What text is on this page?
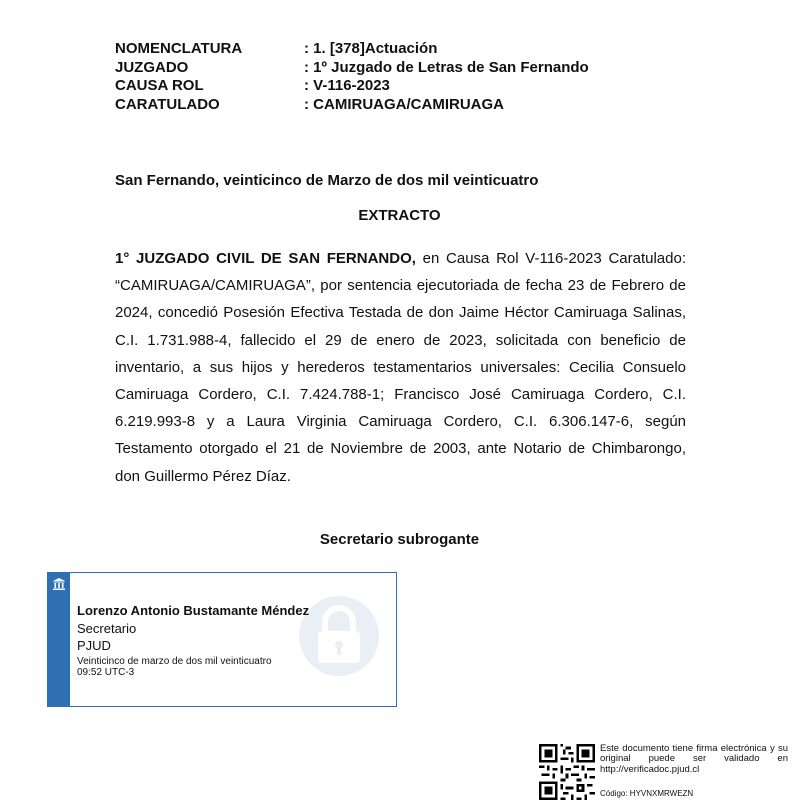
NOMENCLATURA	: 1. [378]Actuación
JUZGADO	: 1º Juzgado de Letras de San Fernando
CAUSA ROL	: V-116-2023
CARATULADO	: CAMIRUAGA/CAMIRUAGA
San Fernando, veinticinco de Marzo de dos mil veinticuatro
EXTRACTO
1° JUZGADO CIVIL DE SAN FERNANDO, en Causa Rol V-116-2023 Caratulado: “CAMIRUAGA/CAMIRUAGA”, por sentencia ejecutoriada de fecha 23 de Febrero de 2024, concedió Posesión Efectiva Testada de don Jaime Héctor Camiruaga Salinas, C.I. 1.731.988-4, fallecido el 29 de enero de 2023, solicitada con beneficio de inventario, a sus hijos y herederos testamentarios universales: Cecilia Consuelo Camiruaga Cordero, C.I. 7.424.788-1; Francisco José Camiruaga Cordero, C.I. 6.219.993-8 y a Laura Virginia Camiruaga Cordero, C.I. 6.306.147-6, según Testamento otorgado el 21 de Noviembre de 2003, ante Notario de Chimbarongo, don Guillermo Pérez Díaz.
Secretario subrogante
Lorenzo Antonio Bustamante Méndez
Secretario
PJUD
Veinticinco de marzo de dos mil veinticuatro
09:52 UTC-3
Este documento tiene firma electrónica y su original puede ser validado en http://verificadoc.pjud.cl
Código: HYVNXMRWEZN
